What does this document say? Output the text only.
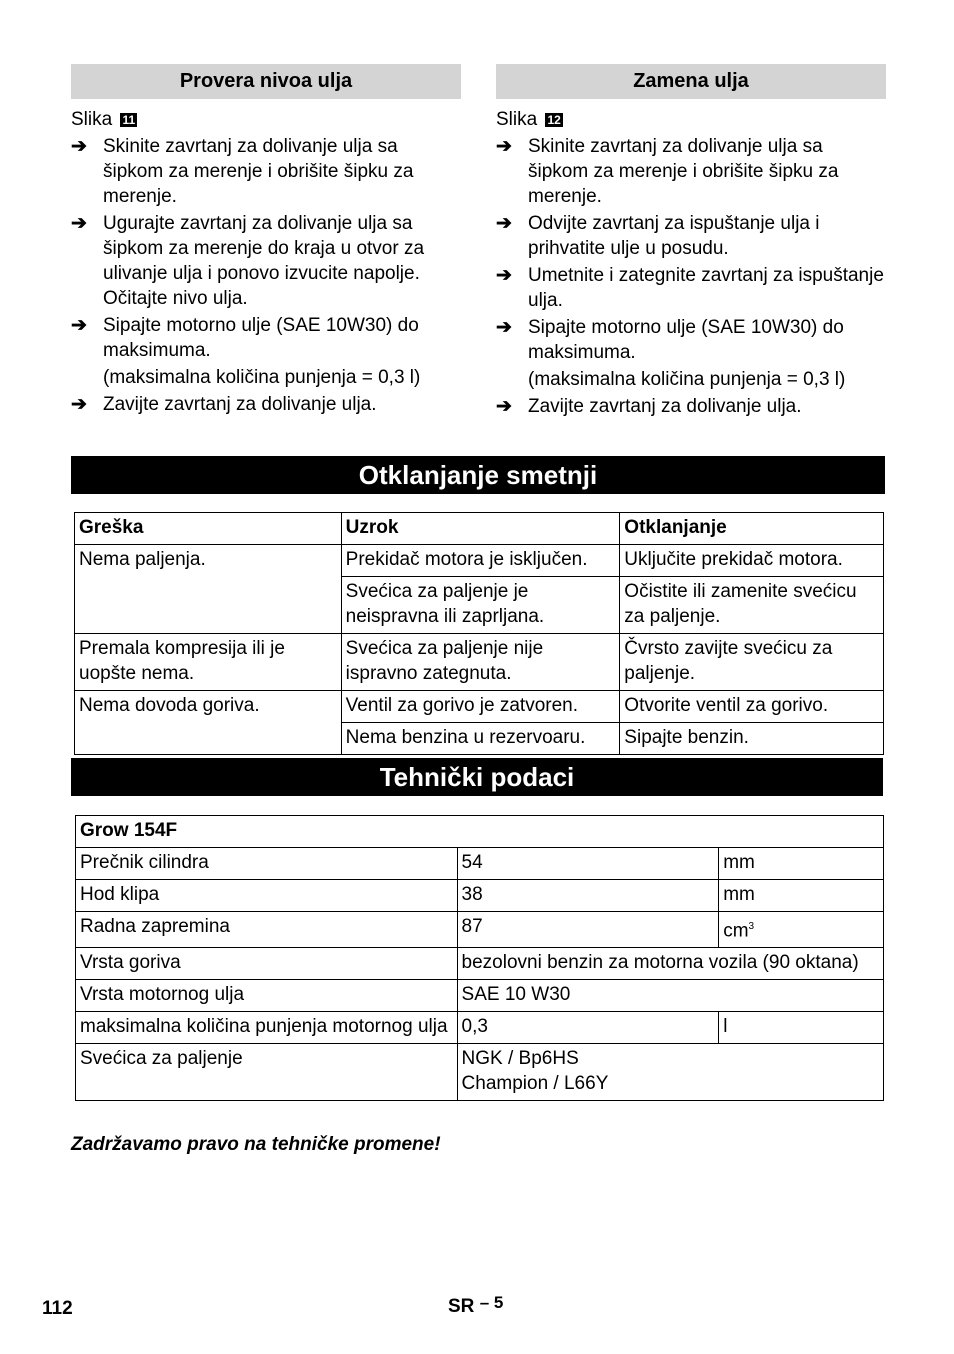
Provera nivoa ulja
Slika 11
➔ Skinite zavrtanj za dolivanje ulja sa šipkom za merenje i obrišite šipku za merenje.
➔ Ugurajte zavrtanj za dolivanje ulja sa šipkom za merenje do kraja u otvor za ulivanje ulja i ponovo izvucite napolje. Očitajte nivo ulja.
➔ Sipajte motorno ulje (SAE 10W30) do maksimuma.
(maksimalna količina punjenja = 0,3 l)
➔ Zavijte zavrtanj za dolivanje ulja.
Zamena ulja
Slika 12
➔ Skinite zavrtanj za dolivanje ulja sa šipkom za merenje i obrišite šipku za merenje.
➔ Odvijte zavrtanj za ispuštanje ulja i prihvatite ulje u posudu.
➔ Umetnite i zategnite zavrtanj za ispuštanje ulja.
➔ Sipajte motorno ulje (SAE 10W30) do maksimuma.
(maksimalna količina punjenja = 0,3 l)
➔ Zavijte zavrtanj za dolivanje ulja.
Otklanjanje smetnji
Greška	Uzrok	Otklanjanje
Nema paljenja.	Prekidač motora je isključen.	Uključite prekidač motora.
	Svećica za paljenje je neispravna ili zaprljana.	Očistite ili zamenite svećicu za paljenje.
Premala kompresija ili je uopšte nema.	Svećica za paljenje nije ispravno zategnuta.	Čvrsto zavijte svećicu za paljenje.
Nema dovoda goriva.	Ventil za gorivo je zatvoren.	Otvorite ventil za gorivo.
	Nema benzina u rezervoaru.	Sipajte benzin.
Tehnički podaci
Grow 154F		
Prečnik cilindra	54	mm
Hod klipa	38	mm
Radna zapremina	87	$cm^3$
Vrsta goriva	bezolovni benzin za motorna vozila (90 oktana)	
Vrsta motornog ulja	SAE 10 W30	
maksimalna količina punjenja motornog ulja	0,3	l
Svećica za paljenje	NGK / Bp6HS
Champion / L66Y	
Zadržavamo pravo na tehničke promene!
112	SR – 5
